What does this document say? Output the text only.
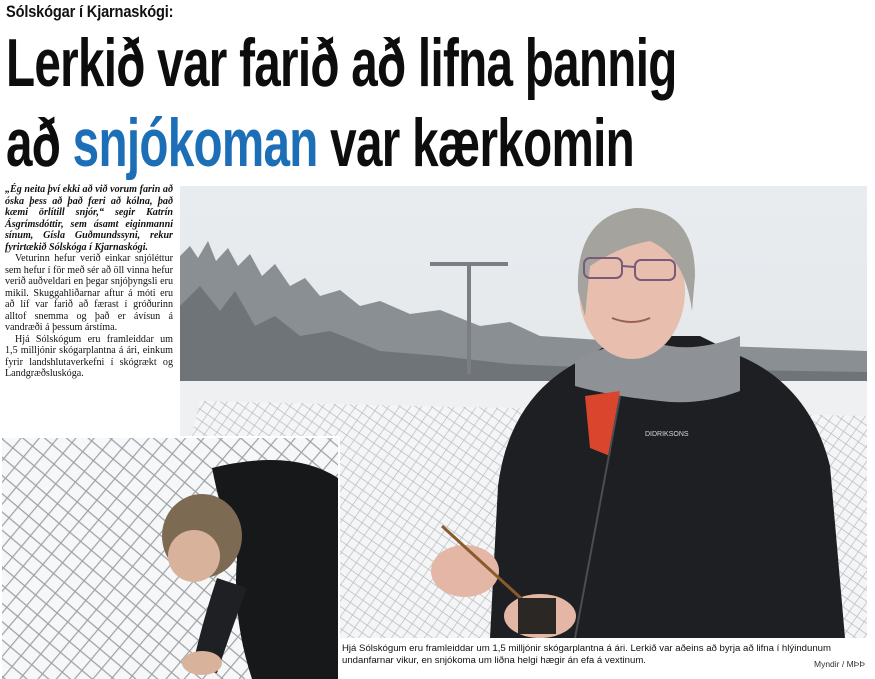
Sólskógar í Kjarnaskógi:
Lerkið var farið að lifna þannig
að snjókoman var kærkomin

„Ég neita því ekki að við vorum farin að óska þess að það færi að kólna, það kæmi örlítill snjór,“ segir Katrín Ásgrímsdóttir, sem ásamt eiginmanni sínum, Gísla Guðmundssyni, rekur fyrirtækið Sólskóga í Kjarnaskógi.

Veturinn hefur verið einkar snjóléttur sem hefur í för með sér að öll vinna hefur verið auðveldari en þegar snjóþyngsli eru mikil. Skuggahliðarnar aftur á móti eru að líf var farið að færast í gróðurinn alltof snemma og það er ávísun á vandræði á þessum árstíma.

Hjá Sólskógum eru framleiddar um 1,5 milljónir skógarplantna á ári, einkum fyrir landshlutaverkefni í skógrækt og Landgræðsluskóga.

DIDRIKSONS
Hjá Sólskógum eru framleiddar um 1,5 milljónir skógarplantna á ári. Lerkið var aðeins að byrja að lifna í hlýindunum undanfarnar vikur, en snjókoma um liðna helgi hægir án efa á vextinum.	Myndir / MÞÞ
